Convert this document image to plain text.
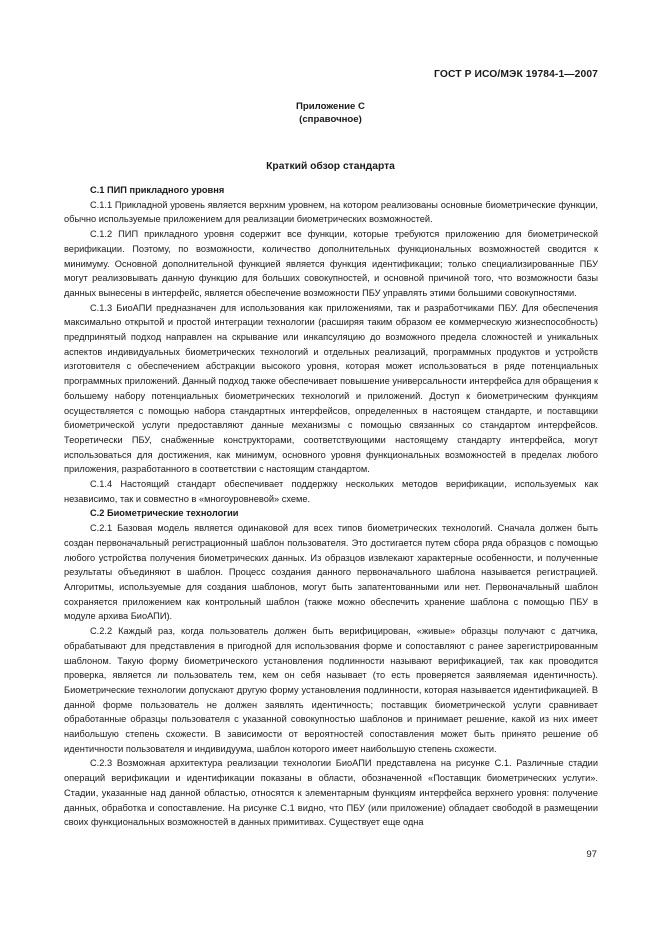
ГОСТ Р ИСО/МЭК 19784-1—2007
Приложение С
(справочное)
Краткий обзор стандарта
С.1 ПИП прикладного уровня

С.1.1 Прикладной уровень является верхним уровнем, на котором реализованы основные биометрические функции, обычно используемые приложением для реализации биометрических возможностей.

С.1.2 ПИП прикладного уровня содержит все функции, которые требуются приложению для биометрической верификации. Поэтому, по возможности, количество дополнительных функциональных возможностей сводится к минимуму. Основной дополнительной функцией является функция идентификации; только специализированные ПБУ могут реализовывать данную функцию для больших совокупностей, и основной причиной того, что возможности базы данных вынесены в интерфейс, является обеспечение возможности ПБУ управлять этими большими совокупностями.

С.1.3 БиоАПИ предназначен для использования как приложениями, так и разработчиками ПБУ. Для обеспечения максимально открытой и простой интеграции технологии (расширяя таким образом ее коммерческую жизнеспособность) предпринятый подход направлен на скрывание или инкапсуляцию до возможного предела сложностей и уникальных аспектов индивидуальных биометрических технологий и отдельных реализаций, программных продуктов и устройств изготовителя с обеспечением абстракции высокого уровня, которая может использоваться в ряде потенциальных программных приложений. Данный подход также обеспечивает повышение универсальности интерфейса для обращения к большему набору потенциальных биометрических технологий и приложений. Доступ к биометрическим функциям осуществляется с помощью набора стандартных интерфейсов, определенных в настоящем стандарте, и поставщики биометрической услуги предоставляют данные механизмы с помощью связанных со стандартом интерфейсов. Теоретически ПБУ, снабженные конструкторами, соответствующими настоящему стандарту интерфейса, могут использоваться для достижения, как минимум, основного уровня функциональных возможностей в пределах любого приложения, разработанного в соответствии с настоящим стандартом.

С.1.4 Настоящий стандарт обеспечивает поддержку нескольких методов верификации, используемых как независимо, так и совместно в «многоуровневой» схеме.

С.2 Биометрические технологии

С.2.1 Базовая модель является одинаковой для всех типов биометрических технологий. Сначала должен быть создан первоначальный регистрационный шаблон пользователя. Это достигается путем сбора ряда образцов с помощью любого устройства получения биометрических данных. Из образцов извлекают характерные особенности, и полученные результаты объединяют в шаблон. Процесс создания данного первоначального шаблона называется регистрацией. Алгоритмы, используемые для создания шаблонов, могут быть запатентованными или нет. Первоначальный шаблон сохраняется приложением как контрольный шаблон (также можно обеспечить хранение шаблона с помощью ПБУ в модуле архива БиоАПИ).

С.2.2 Каждый раз, когда пользователь должен быть верифицирован, «живые» образцы получают с датчика, обрабатывают для представления в пригодной для использования форме и сопоставляют с ранее зарегистрированным шаблоном. Такую форму биометрического установления подлинности называют верификацией, так как проводится проверка, является ли пользователь тем, кем он себя называет (то есть проверяется заявляемая идентичность). Биометрические технологии допускают другую форму установления подлинности, которая называется идентификацией. В данной форме пользователь не должен заявлять идентичность; поставщик биометрической услуги сравнивает обработанные образцы пользователя с указанной совокупностью шаблонов и принимает решение, какой из них имеет наибольшую степень схожести. В зависимости от вероятностей сопоставления может быть принято решение об идентичности пользователя и индивидуума, шаблон которого имеет наибольшую степень схожести.

С.2.3 Возможная архитектура реализации технологии БиоАПИ представлена на рисунке С.1. Различные стадии операций верификации и идентификации показаны в области, обозначенной «Поставщик биометрических услуги». Стадии, указанные над данной областью, относятся к элементарным функциям интерфейса верхнего уровня: получение данных, обработка и сопоставление. На рисунке С.1 видно, что ПБУ (или приложение) обладает свободой в размещении своих функциональных возможностей в данных примитивах. Существует еще одна

97
